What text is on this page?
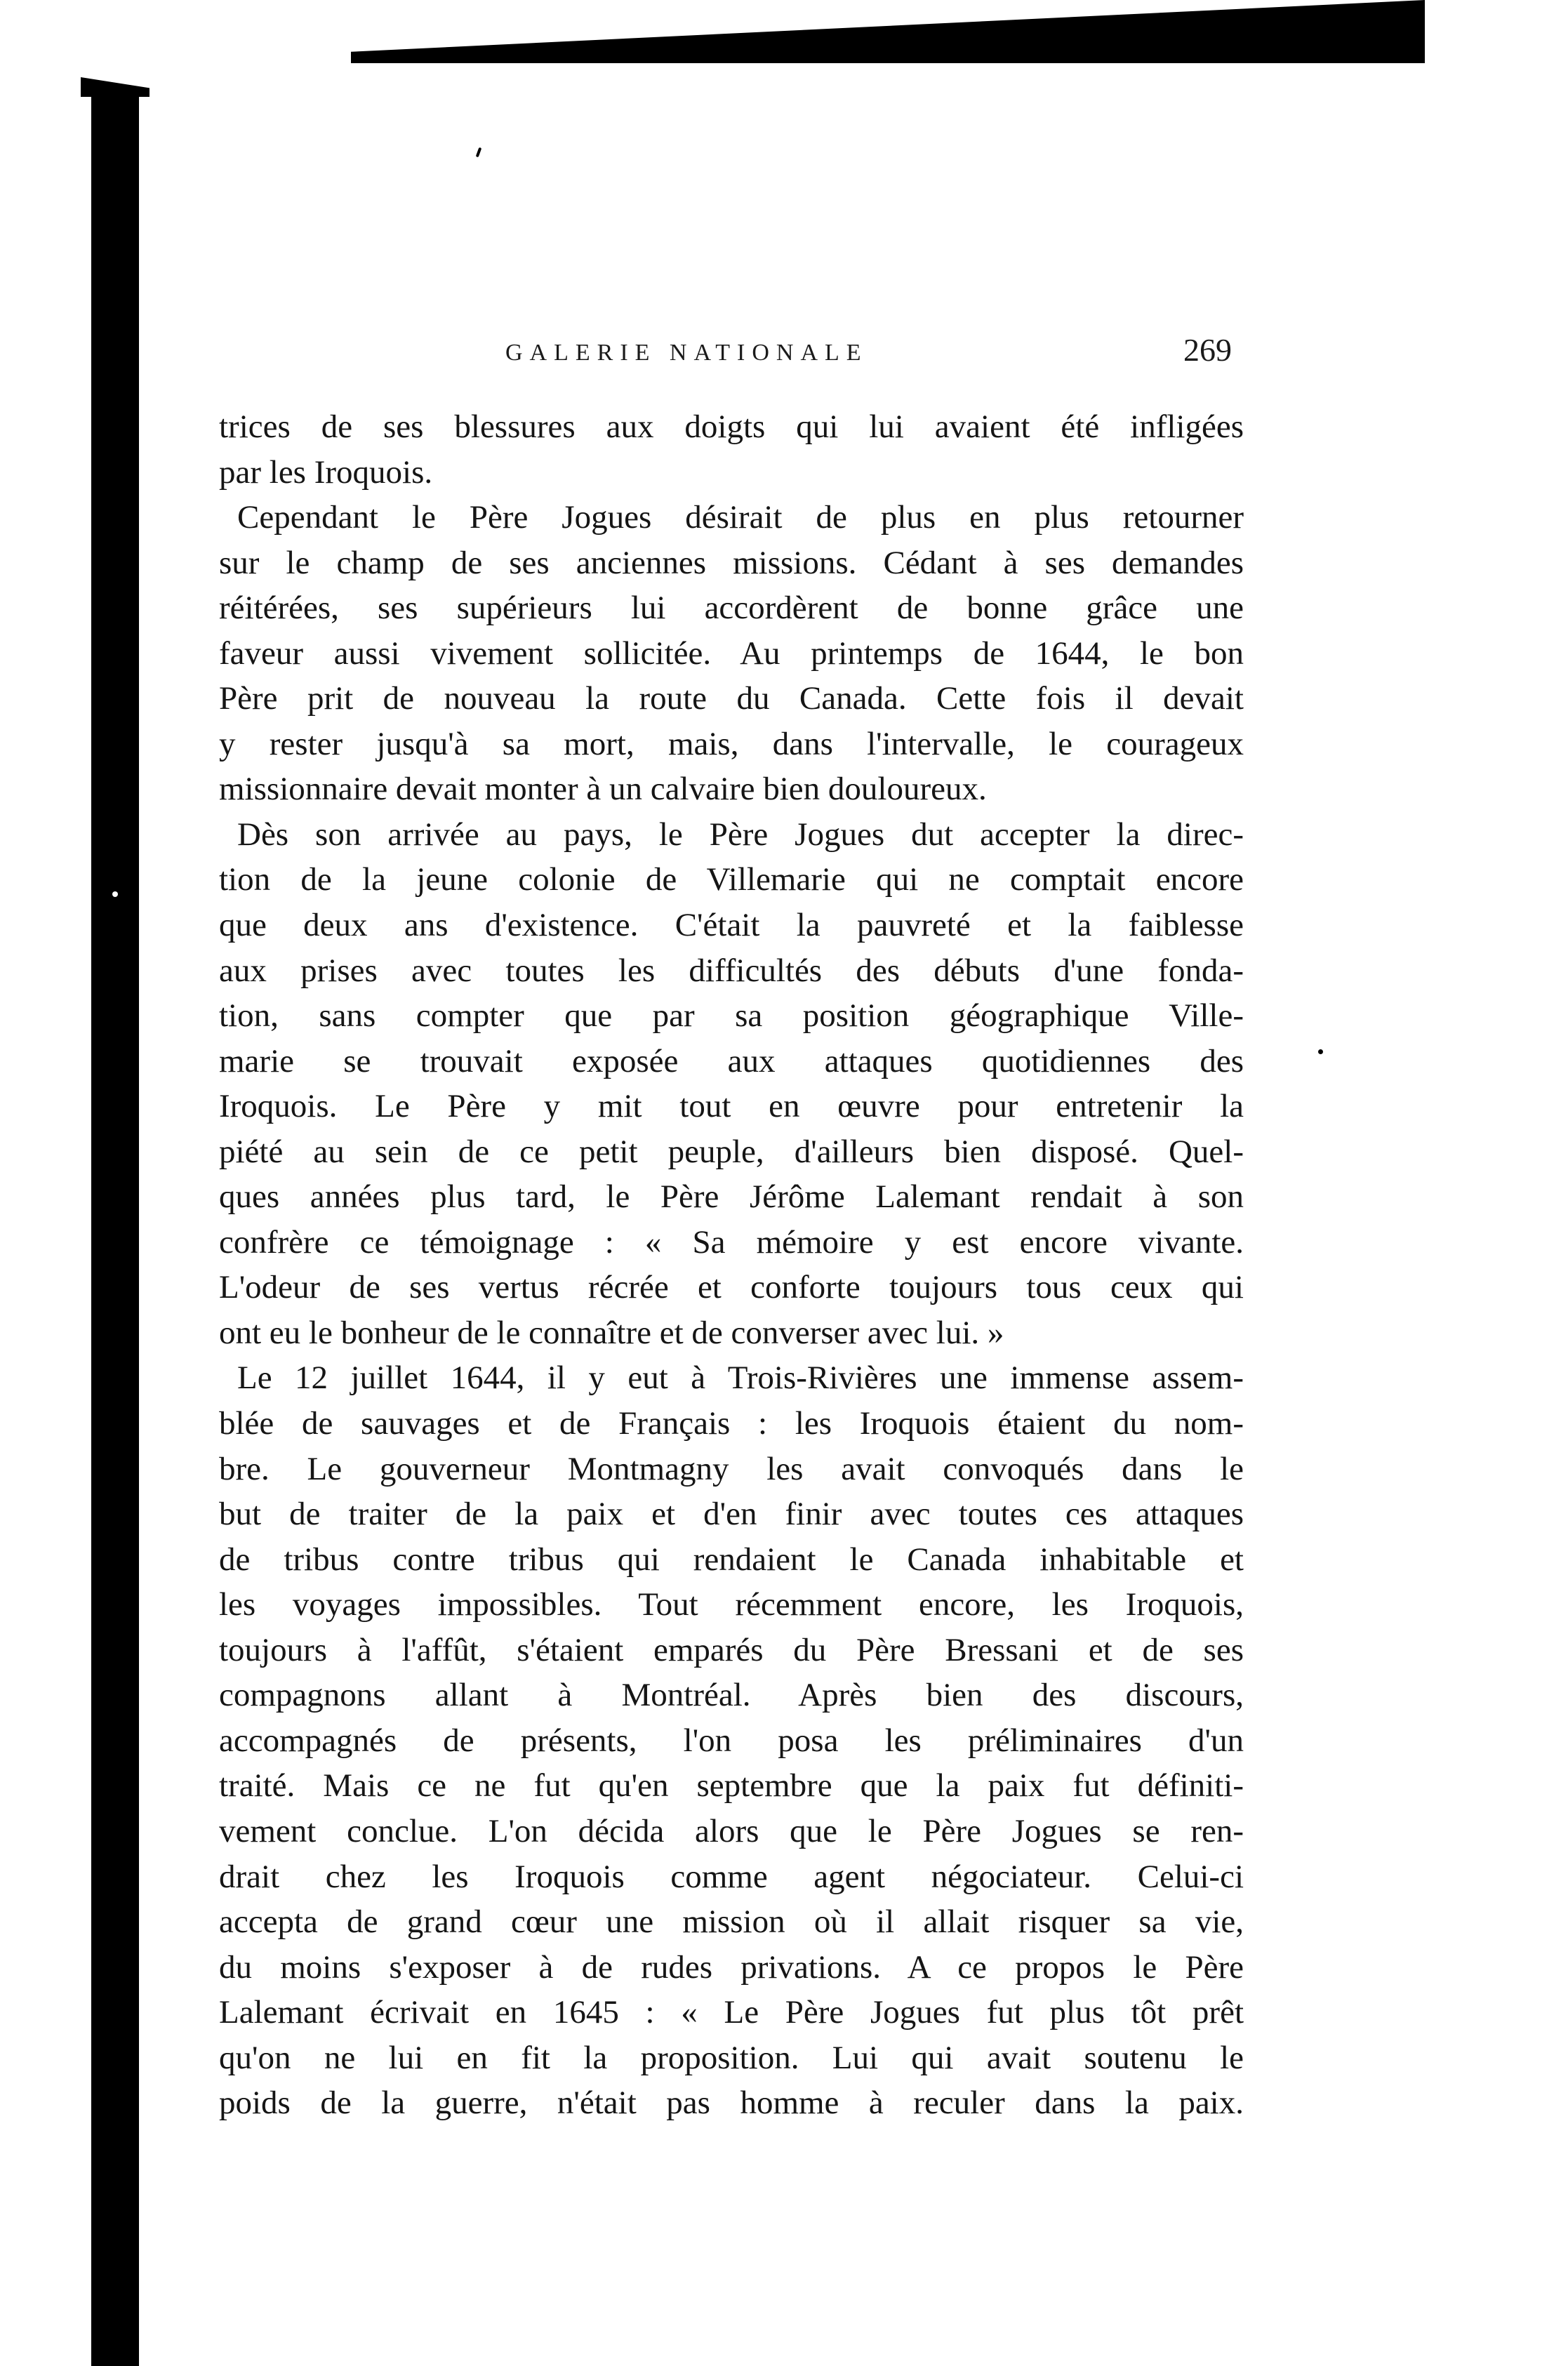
GALERIE NATIONALE	269
trices de ses blessures aux doigts qui lui avaient été infligées
par les Iroquois.
Cependant le Père Jogues désirait de plus en plus retourner
sur le champ de ses anciennes missions. Cédant à ses demandes
réitérées, ses supérieurs lui accordèrent de bonne grâce une
faveur aussi vivement sollicitée. Au printemps de 1644, le bon
Père prit de nouveau la route du Canada. Cette fois il devait
y rester jusqu'à sa mort, mais, dans l'intervalle, le courageux
missionnaire devait monter à un calvaire bien douloureux.
Dès son arrivée au pays, le Père Jogues dut accepter la direc-
tion de la jeune colonie de Villemarie qui ne comptait encore
que deux ans d'existence. C'était la pauvreté et la faiblesse
aux prises avec toutes les difficultés des débuts d'une fonda-
tion, sans compter que par sa position géographique Ville-
marie se trouvait exposée aux attaques quotidiennes des
Iroquois. Le Père y mit tout en œuvre pour entretenir la
piété au sein de ce petit peuple, d'ailleurs bien disposé. Quel-
ques années plus tard, le Père Jérôme Lalemant rendait à son
confrère ce témoignage : « Sa mémoire y est encore vivante.
L'odeur de ses vertus récrée et conforte toujours tous ceux qui
ont eu le bonheur de le connaître et de converser avec lui. »
Le 12 juillet 1644, il y eut à Trois-Rivières une immense assem-
blée de sauvages et de Français : les Iroquois étaient du nom-
bre. Le gouverneur Montmagny les avait convoqués dans le
but de traiter de la paix et d'en finir avec toutes ces attaques
de tribus contre tribus qui rendaient le Canada inhabitable et
les voyages impossibles. Tout récemment encore, les Iroquois,
toujours à l'affût, s'étaient emparés du Père Bressani et de ses
compagnons allant à Montréal. Après bien des discours,
accompagnés de présents, l'on posa les préliminaires d'un
traité. Mais ce ne fut qu'en septembre que la paix fut définiti-
vement conclue. L'on décida alors que le Père Jogues se ren-
drait chez les Iroquois comme agent négociateur. Celui-ci
accepta de grand cœur une mission où il allait risquer sa vie,
du moins s'exposer à de rudes privations. A ce propos le Père
Lalemant écrivait en 1645 : « Le Père Jogues fut plus tôt prêt
qu'on ne lui en fit la proposition. Lui qui avait soutenu le
poids de la guerre, n'était pas homme à reculer dans la paix.
